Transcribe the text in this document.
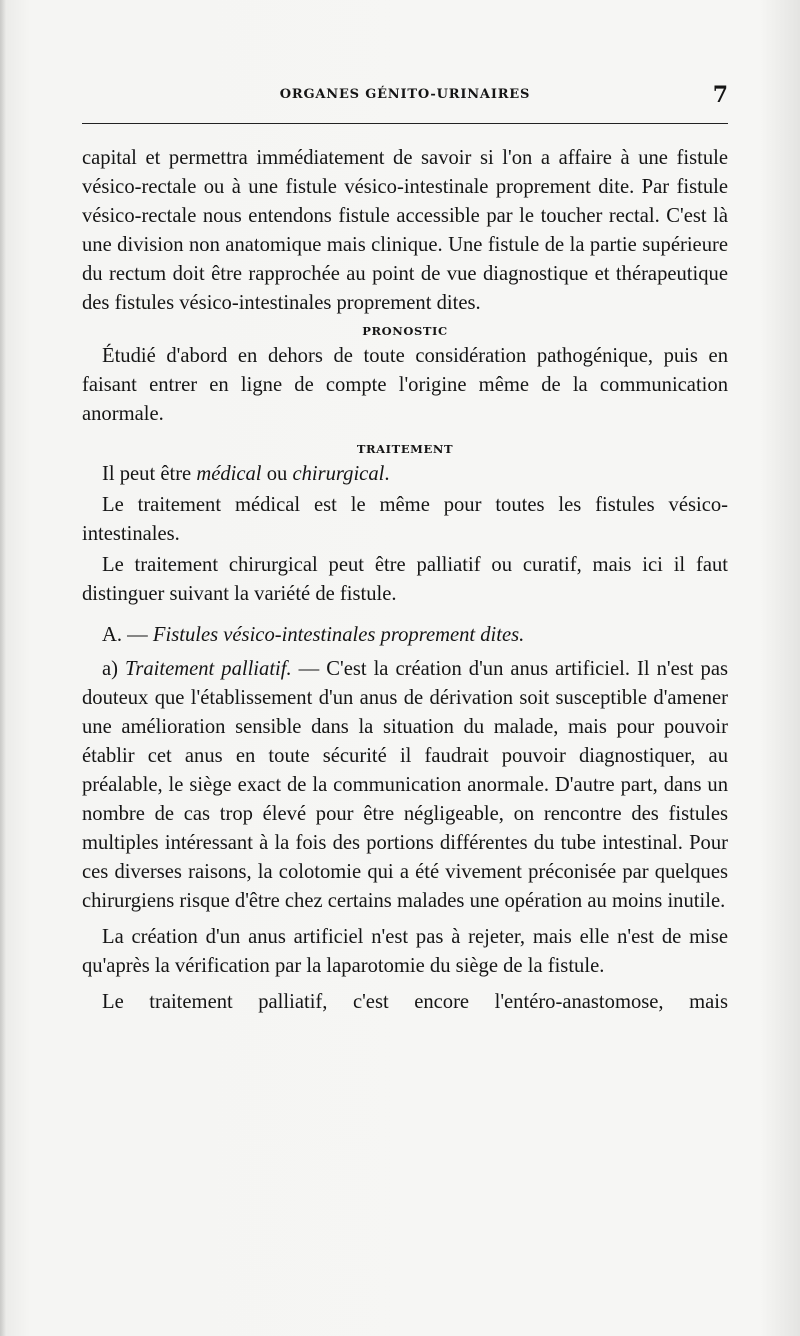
ORGANES GÉNITO-URINAIRES	7

capital et permettra immédiatement de savoir si l'on a affaire à une fistule vésico-rectale ou à une fistule vésico-intestinale proprement dite. Par fistule vésico-rectale nous entendons fistule accessible par le toucher rectal. C'est là une division non anatomique mais clinique. Une fistule de la partie supérieure du rectum doit être rapprochée au point de vue diagnostique et thérapeutique des fistules vésico-intestinales proprement dites.

PRONOSTIC

Étudié d'abord en dehors de toute considération pathogénique, puis en faisant entrer en ligne de compte l'origine même de la communication anormale.

TRAITEMENT

Il peut être médical ou chirurgical.

Le traitement médical est le même pour toutes les fistules vésico-intestinales.

Le traitement chirurgical peut être palliatif ou curatif, mais ici il faut distinguer suivant la variété de fistule.

A. — Fistules vésico-intestinales proprement dites.

a) Traitement palliatif. — C'est la création d'un anus artificiel. Il n'est pas douteux que l'établissement d'un anus de dérivation soit susceptible d'amener une amélioration sensible dans la situation du malade, mais pour pouvoir établir cet anus en toute sécurité il faudrait pouvoir diagnostiquer, au préalable, le siège exact de la communication anormale. D'autre part, dans un nombre de cas trop élevé pour être négligeable, on rencontre des fistules multiples intéressant à la fois des portions différentes du tube intestinal. Pour ces diverses raisons, la colotomie qui a été vivement préconisée par quelques chirurgiens risque d'être chez certains malades une opération au moins inutile.

La création d'un anus artificiel n'est pas à rejeter, mais elle n'est de mise qu'après la vérification par la laparotomie du siège de la fistule.

Le traitement palliatif, c'est encore l'entéro-anastomose, mais
